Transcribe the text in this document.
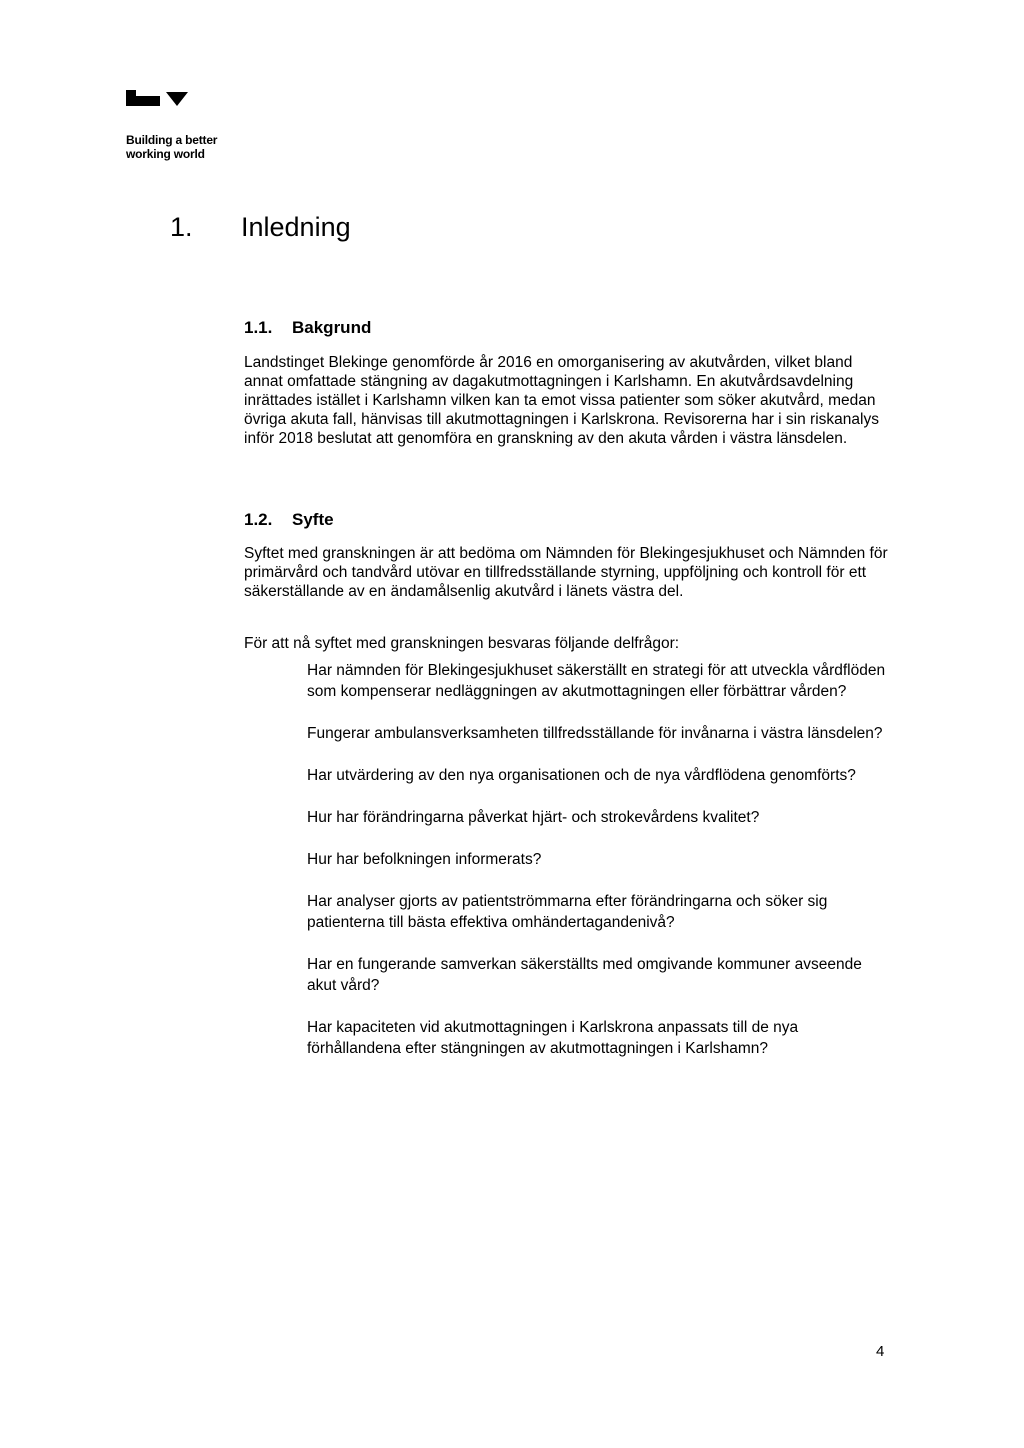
Building a better
working world
1. Inledning
1.1. Bakgrund
Landstinget Blekinge genomförde år 2016 en omorganisering av akutvården, vilket bland annat omfattade stängning av dagakutmottagningen i Karlshamn. En akutvårdsavdelning inrättades istället i Karlshamn vilken kan ta emot vissa patienter som söker akutvård, medan övriga akuta fall, hänvisas till akutmottagningen i Karlskrona. Revisorerna har i sin riskanalys inför 2018 beslutat att genomföra en granskning av den akuta vården i västra länsdelen.
1.2. Syfte
Syftet med granskningen är att bedöma om Nämnden för Blekingesjukhuset och Nämnden för primärvård och tandvård utövar en tillfredsställande styrning, uppföljning och kontroll för ett säkerställande av en ändamålsenlig akutvård i länets västra del.
För att nå syftet med granskningen besvaras följande delfrågor:
Har nämnden för Blekingesjukhuset säkerställt en strategi för att utveckla vårdflöden som kompenserar nedläggningen av akutmottagningen eller förbättrar vården?
Fungerar ambulansverksamheten tillfredsställande för invånarna i västra länsdelen?
Har utvärdering av den nya organisationen och de nya vårdflödena genomförts?
Hur har förändringarna påverkat hjärt- och strokevårdens kvalitet?
Hur har befolkningen informerats?
Har analyser gjorts av patientströmmarna efter förändringarna och söker sig patienterna till bästa effektiva omhändertagandenivå?
Har en fungerande samverkan säkerställts med omgivande kommuner avseende akut vård?
Har kapaciteten vid akutmottagningen i Karlskrona anpassats till de nya förhållandena efter stängningen av akutmottagningen i Karlshamn?
4
